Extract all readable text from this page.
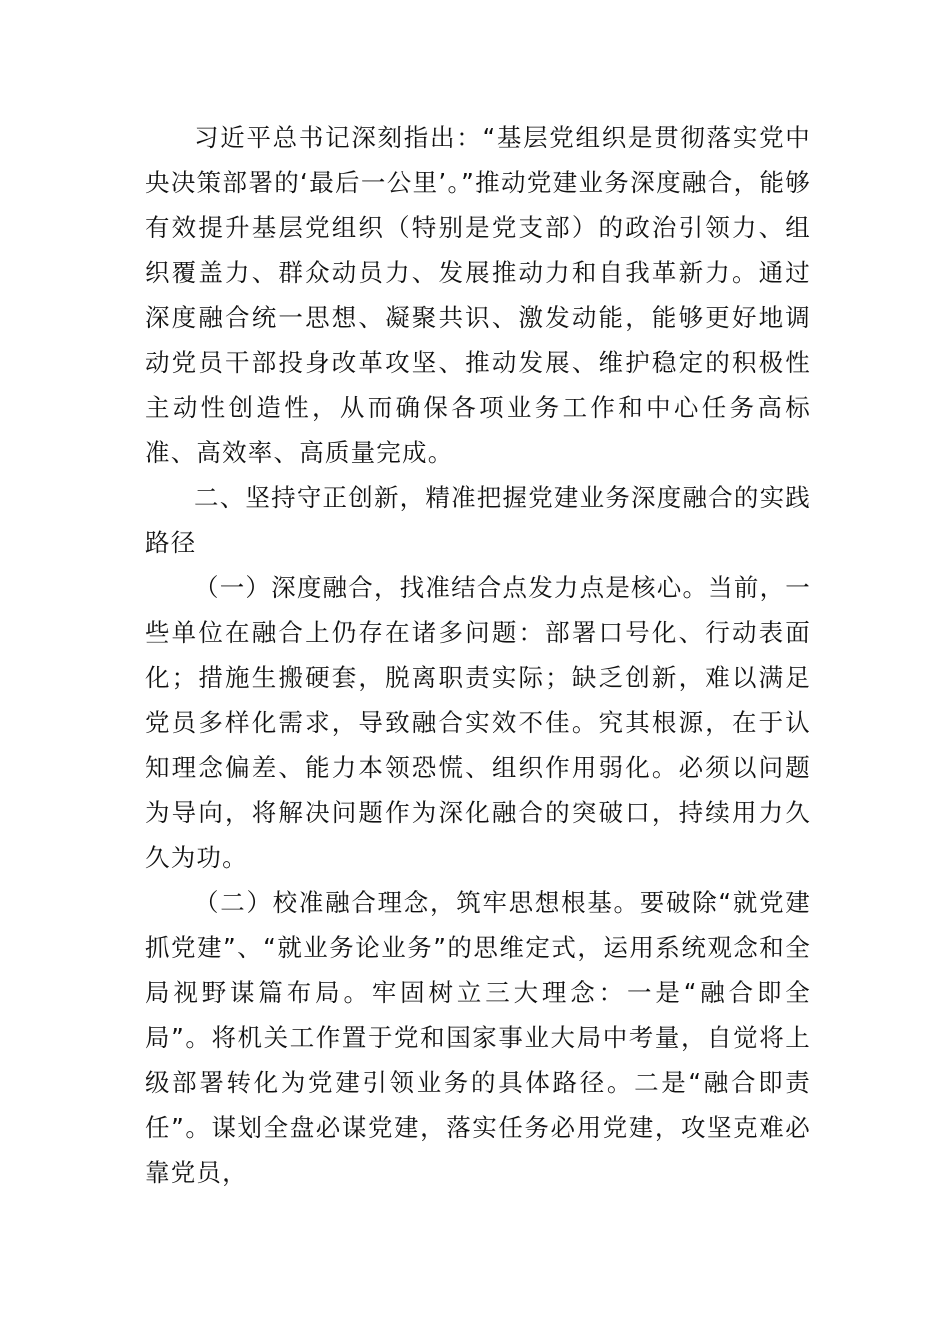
习近平总书记深刻指出：“基层党组织是贯彻落实党中央决策部署的‘最后一公里’。”推动党建业务深度融合，能够有效提升基层党组织（特别是党支部）的政治引领力、组织覆盖力、群众动员力、发展推动力和自我革新力。通过深度融合统一思想、凝聚共识、激发动能，能够更好地调动党员干部投身改革攻坚、推动发展、维护稳定的积极性主动性创造性，从而确保各项业务工作和中心任务高标准、高效率、高质量完成。

二、坚持守正创新，精准把握党建业务深度融合的实践路径

（一）深度融合，找准结合点发力点是核心。当前，一些单位在融合上仍存在诸多问题：部署口号化、行动表面化；措施生搬硬套，脱离职责实际；缺乏创新，难以满足党员多样化需求，导致融合实效不佳。究其根源，在于认知理念偏差、能力本领恐慌、组织作用弱化。必须以问题为导向，将解决问题作为深化融合的突破口，持续用力久久为功。

（二）校准融合理念，筑牢思想根基。要破除“就党建抓党建”、“就业务论业务”的思维定式，运用系统观念和全局视野谋篇布局。牢固树立三大理念：一是“融合即全局”。将机关工作置于党和国家事业大局中考量，自觉将上级部署转化为党建引领业务的具体路径。二是“融合即责任”。谋划全盘必谋党建，落实任务必用党建，攻坚克难必靠党员，
